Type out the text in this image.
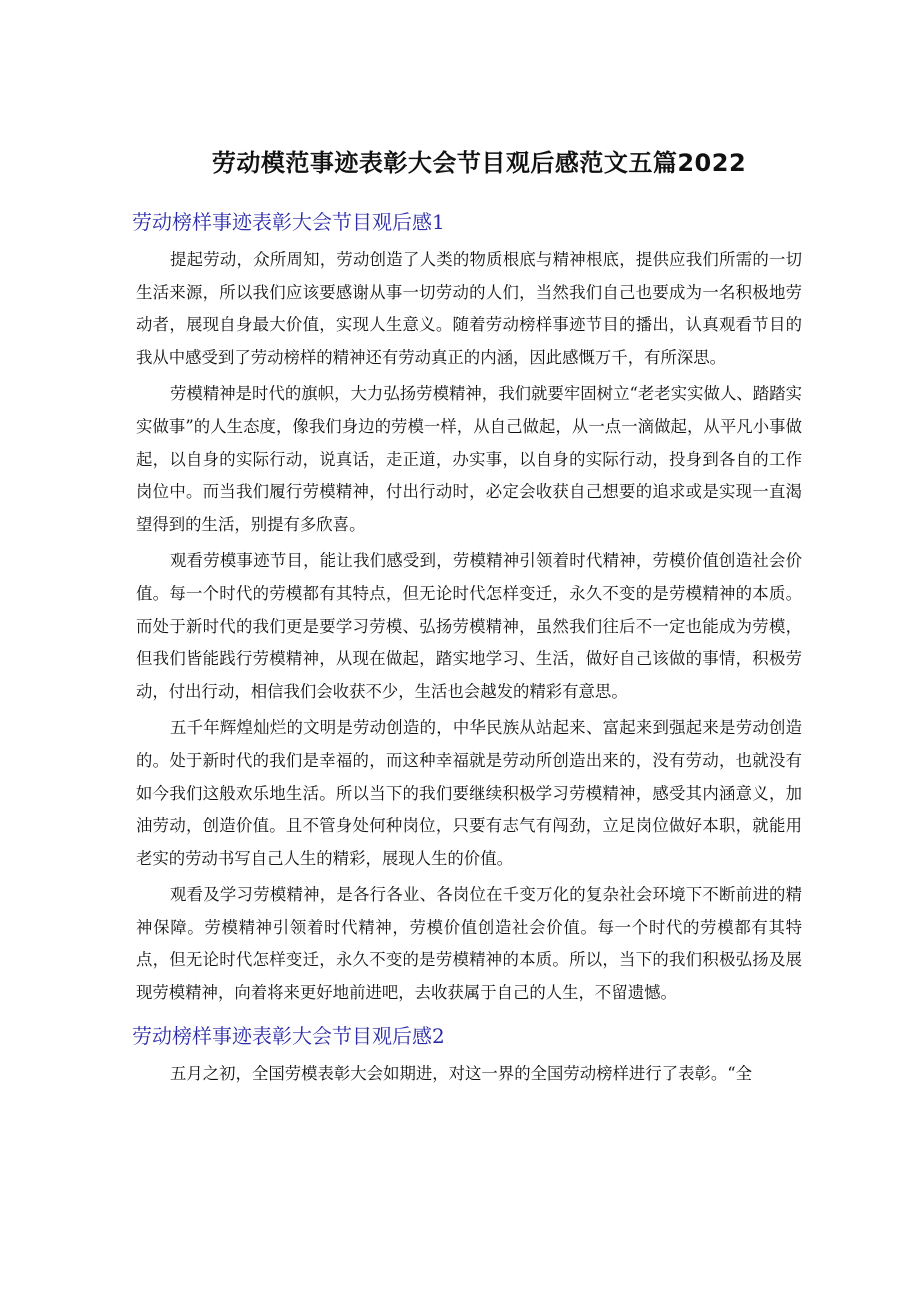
劳动模范事迹表彰大会节目观后感范文五篇2022
劳动榜样事迹表彰大会节目观后感1

提起劳动，众所周知，劳动创造了人类的物质根底与精神根底，提供应我们所需的一切生活来源，所以我们应该要感谢从事一切劳动的人们，当然我们自己也要成为一名积极地劳动者，展现自身最大价值，实现人生意义。随着劳动榜样事迹节目的播出，认真观看节目的我从中感受到了劳动榜样的精神还有劳动真正的内涵，因此感慨万千，有所深思。

劳模精神是时代的旗帜，大力弘扬劳模精神，我们就要牢固树立“老老实实做人、踏踏实实做事”的人生态度，像我们身边的劳模一样，从自己做起，从一点一滴做起，从平凡小事做起，以自身的实际行动，说真话，走正道，办实事，以自身的实际行动，投身到各自的工作岗位中。而当我们履行劳模精神，付出行动时，必定会收获自己想要的追求或是实现一直渴望得到的生活，别提有多欣喜。

观看劳模事迹节目，能让我们感受到，劳模精神引领着时代精神，劳模价值创造社会价值。每一个时代的劳模都有其特点，但无论时代怎样变迁，永久不变的是劳模精神的本质。而处于新时代的我们更是要学习劳模、弘扬劳模精神，虽然我们往后不一定也能成为劳模，但我们皆能践行劳模精神，从现在做起，踏实地学习、生活，做好自己该做的事情，积极劳动，付出行动，相信我们会收获不少，生活也会越发的精彩有意思。

五千年辉煌灿烂的文明是劳动创造的，中华民族从站起来、富起来到强起来是劳动创造的。处于新时代的我们是幸福的，而这种幸福就是劳动所创造出来的，没有劳动，也就没有如今我们这般欢乐地生活。所以当下的我们要继续积极学习劳模精神，感受其内涵意义，加油劳动，创造价值。且不管身处何种岗位，只要有志气有闯劲，立足岗位做好本职，就能用老实的劳动书写自己人生的精彩，展现人生的价值。

观看及学习劳模精神，是各行各业、各岗位在千变万化的复杂社会环境下不断前进的精神保障。劳模精神引领着时代精神，劳模价值创造社会价值。每一个时代的劳模都有其特点，但无论时代怎样变迁，永久不变的是劳模精神的本质。所以，当下的我们积极弘扬及展现劳模精神，向着将来更好地前进吧，去收获属于自己的人生，不留遗憾。

劳动榜样事迹表彰大会节目观后感2

五月之初，全国劳模表彰大会如期进，对这一界的全国劳动榜样进行了表彰。“全
